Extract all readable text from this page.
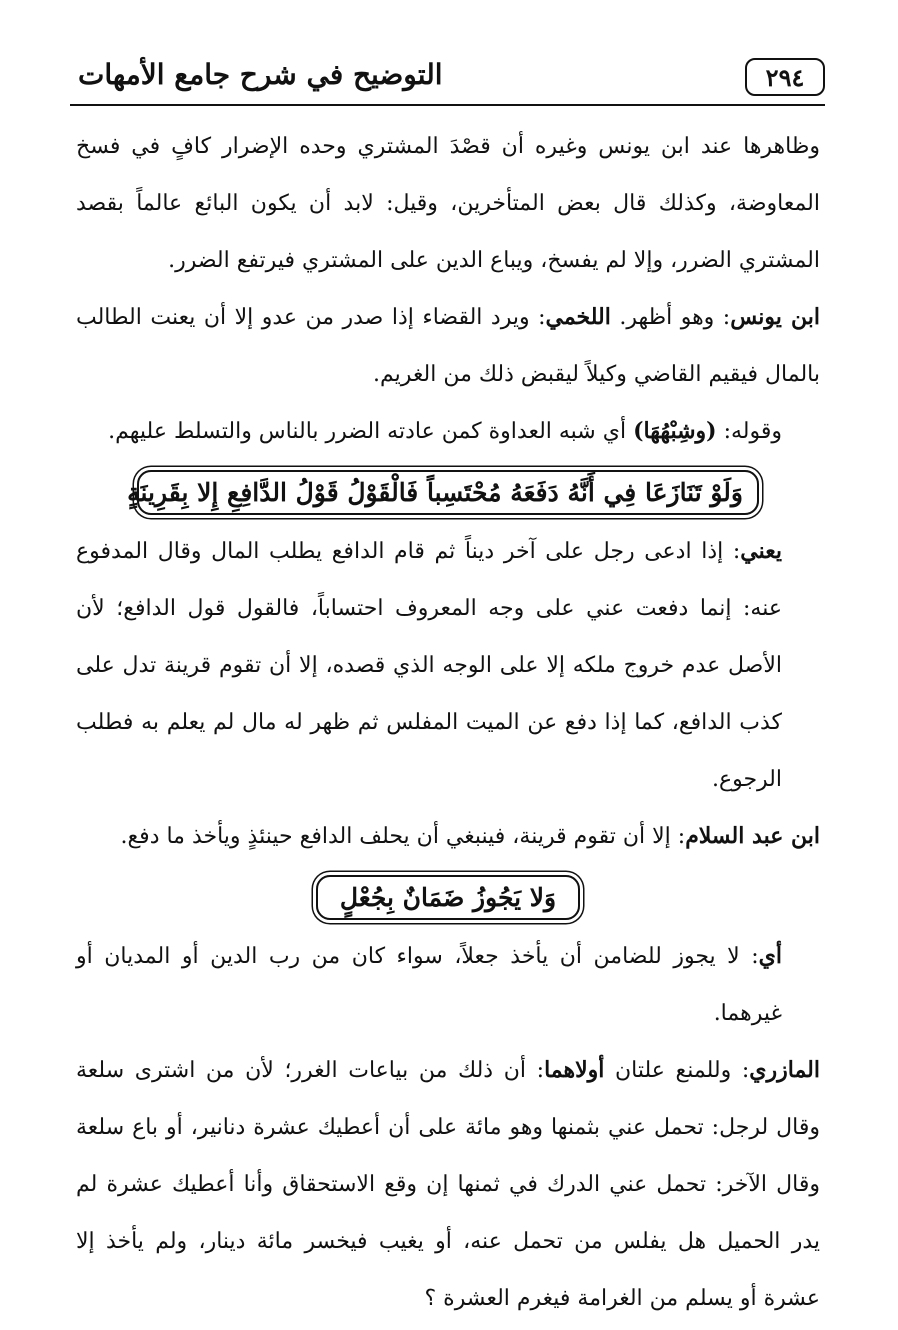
٢٩٤
التوضيح في شرح جامع الأمهات

وظاهرها عند ابن يونس وغيره أن قصْدَ المشتري وحده الإضرار كافٍ في فسخ المعاوضة، وكذلك قال بعض المتأخرين، وقيل: لابد أن يكون البائع عالماً بقصد المشتري الضرر، وإلا لم يفسخ، ويباع الدين على المشتري فيرتفع الضرر.

ابن يونس: وهو أظهر. اللخمي: ويرد القضاء إذا صدر من عدو إلا أن يعنت الطالب بالمال فيقيم القاضي وكيلاً ليقبض ذلك من الغريم.

وقوله: (وشِبْهُهَا) أي شبه العداوة كمن عادته الضرر بالناس والتسلط عليهم.

وَلَوْ تَنَازَعَا فِي أَنَّهُ دَفَعَهُ مُحْتَسِباً فَالْقَوْلُ قَوْلُ الدَّافِعِ إِلا بِقَرِينَةٍ

يعني: إذا ادعى رجل على آخر ديناً ثم قام الدافع يطلب المال وقال المدفوع عنه: إنما دفعت عني على وجه المعروف احتساباً، فالقول قول الدافع؛ لأن الأصل عدم خروج ملكه إلا على الوجه الذي قصده، إلا أن تقوم قرينة تدل على كذب الدافع، كما إذا دفع عن الميت المفلس ثم ظهر له مال لم يعلم به فطلب الرجوع.

ابن عبد السلام: إلا أن تقوم قرينة، فينبغي أن يحلف الدافع حينئذٍ ويأخذ ما دفع.

وَلا يَجُوزُ ضَمَانٌ بِجُعْلٍ

أي: لا يجوز للضامن أن يأخذ جعلاً، سواء كان من رب الدين أو المديان أو غيرهما.

المازري: وللمنع علتان أولاهما: أن ذلك من بياعات الغرر؛ لأن من اشترى سلعة وقال لرجل: تحمل عني بثمنها وهو مائة على أن أعطيك عشرة دنانير، أو باع سلعة وقال الآخر: تحمل عني الدرك في ثمنها إن وقع الاستحقاق وأنا أعطيك عشرة لم يدر الحميل هل يفلس من تحمل عنه، أو يغيب فيخسر مائة دينار، ولم يأخذ إلا عشرة أو يسلم من الغرامة فيغرم العشرة ؟
